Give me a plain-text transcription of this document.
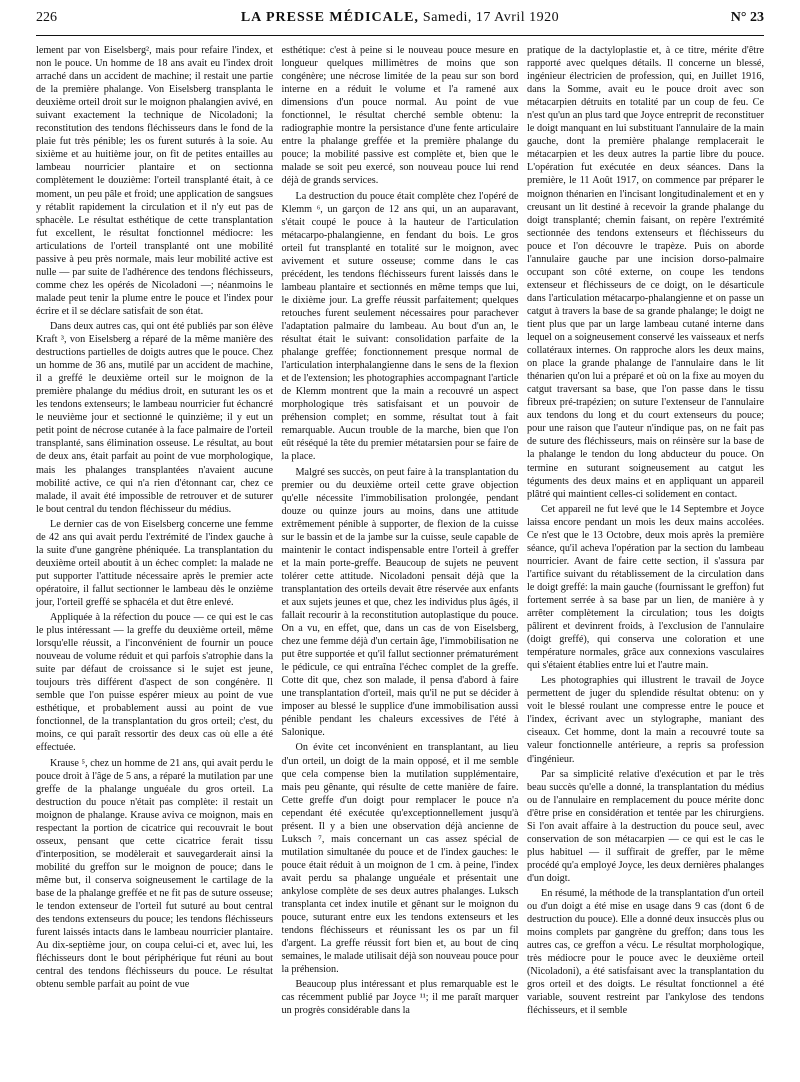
226	LA PRESSE MÉDICALE, Samedi, 17 Avril 1920	N° 23

lement par von Eiselsberg², mais pour refaire l'index, et non le pouce. Un homme de 18 ans avait eu l'index droit arraché dans un accident de machine; il restait une partie de la première phalange. Von Eiselsberg transplanta le deuxième orteil droit sur le moignon phalangien avivé, en suivant exactement la technique de Nicoladoni; la reconstitution des tendons fléchisseurs dans le fond de la plaie fut très pénible; les os furent suturés à la soie. Au sixième et au huitième jour, on fit de petites entailles au lambeau nourricier plantaire et on sectionna complètement le douzième: l'orteil transplanté était, à ce moment, un peu pâle et froid; une application de sangsues y rétablit rapidement la circulation et il n'y eut pas de sphacèle. Le résultat esthétique de cette transplantation fut excellent, le résultat fonctionnel médiocre: les articulations de l'orteil transplanté ont une mobilité passive à peu près normale, mais leur mobilité active est nulle — par suite de l'adhérence des tendons fléchisseurs, comme chez les opérés de Nicoladoni —; néanmoins le malade peut tenir la plume entre le pouce et l'index pour écrire et il se déclare satisfait de son état.

Dans deux autres cas, qui ont été publiés par son élève Kraft ³, von Eiselsberg a réparé de la même manière des destructions partielles de doigts autres que le pouce. Chez un homme de 36 ans, mutilé par un accident de machine, il a greffé le deuxième orteil sur le moignon de la première phalange du médius droit, en suturant les os et les tendons extenseurs; le lambeau nourricier fut échancré le neuvième jour et sectionné le quinzième; il y eut un petit point de nécrose cutanée à la face palmaire de l'orteil transplanté, sans élimination osseuse. Le résultat, au bout de deux ans, était parfait au point de vue morphologique, mais les phalanges transplantées n'avaient aucune mobilité active, ce qui n'a rien d'étonnant car, chez ce malade, il avait été impossible de retrouver et de suturer le bout central du tendon fléchisseur du médius.

Le dernier cas de von Eiselsberg concerne une femme de 42 ans qui avait perdu l'extrémité de l'index gauche à la suite d'une gangrène phéniquée. La transplantation du deuxième orteil aboutit à un échec complet: la malade ne put supporter l'attitude nécessaire après le premier acte opératoire, il fallut sectionner le lambeau dès le onzième jour, l'orteil greffé se sphacéla et dut être enlevé.

Appliquée à la réfection du pouce — ce qui est le cas le plus intéressant — la greffe du deuxième orteil, même lorsqu'elle réussit, a l'inconvénient de fournir un pouce nouveau de volume réduit et qui parfois s'atrophie dans la suite par défaut de croissance si le sujet est jeune, toujours très différent d'aspect de son congénère. Il semble que l'on puisse espérer mieux au point de vue esthétique, et probablement aussi au point de vue fonctionnel, de la transplantation du gros orteil; c'est, du moins, ce qui paraît ressortir des deux cas où elle a été effectuée.

Krause ⁵, chez un homme de 21 ans, qui avait perdu le pouce droit à l'âge de 5 ans, a réparé la mutilation par une greffe de la phalange unguéale du gros orteil. La destruction du pouce n'était pas complète: il restait un moignon de phalange. Krause aviva ce moignon, mais en respectant la portion de cicatrice qui recouvrait le bout osseux, pensant que cette cicatrice ferait tissu d'interposition, se modèlerait et sauvegarderait ainsi la mobilité du greffon sur le moignon de pouce; dans le même but, il conserva soigneusement le cartilage de la base de la phalange greffée et ne fit pas de suture osseuse; le tendon extenseur de l'orteil fut suturé au bout central des tendons extenseurs du pouce; les tendons fléchisseurs furent laissés intacts dans le lambeau nourricier plantaire. Au dix-septième jour, on coupa celui-ci et, avec lui, les fléchisseurs dont le bout périphérique fut réuni au bout central des tendons fléchisseurs du pouce. Le résultat obtenu semble parfait au point de vue

esthétique: c'est à peine si le nouveau pouce mesure en longueur quelques millimètres de moins que son congénère; une nécrose limitée de la peau sur son bord interne en a réduit le volume et l'a ramené aux dimensions d'un pouce normal. Au point de vue fonctionnel, le résultat cherché semble obtenu: la radiographie montre la persistance d'une fente articulaire entre la phalange greffée et la première phalange du pouce; la mobilité passive est complète et, bien que le malade se soit peu exercé, son nouveau pouce lui rend déjà de grands services.

La destruction du pouce était complète chez l'opéré de Klemm ⁶, un garçon de 12 ans qui, un an auparavant, s'était coupé le pouce à la hauteur de l'articulation métacarpo-phalangienne, en fendant du bois. Le gros orteil fut transplanté en totalité sur le moignon, avec avivement et suture osseuse; comme dans le cas précédent, les tendons fléchisseurs furent laissés dans le lambeau plantaire et sectionnés en même temps que lui, le dixième jour. La greffe réussit parfaitement; quelques retouches furent seulement nécessaires pour parachever l'adaptation palmaire du lambeau. Au bout d'un an, le résultat était le suivant: consolidation parfaite de la phalange greffée; fonctionnement presque normal de l'articulation interphalangienne dans le sens de la flexion et de l'extension; les photographies accompagnant l'article de Klemm montrent que la main a recouvré un aspect morphologique très satisfaisant et un pouvoir de préhension complet; en somme, résultat tout à fait remarquable. Aucun trouble de la marche, bien que l'on eût réséqué la tête du premier métatarsien pour se faire de la place.

Malgré ses succès, on peut faire à la transplantation du premier ou du deuxième orteil cette grave objection qu'elle nécessite l'immobilisation prolongée, pendant douze ou quinze jours au moins, dans une attitude extrêmement pénible à supporter, de flexion de la cuisse sur le bassin et de la jambe sur la cuisse, seule capable de maintenir le contact indispensable entre l'orteil à greffer et la main porte-greffe. Beaucoup de sujets ne peuvent tolérer cette attitude. Nicoladoni pensait déjà que la transplantation des orteils devait être réservée aux enfants et aux sujets jeunes et que, chez les individus plus âgés, il fallait recourir à la reconstitution autoplastique du pouce. On a vu, en effet, que, dans un cas de von Eiselsberg, chez une femme déjà d'un certain âge, l'immobilisation ne put être supportée et qu'il fallut sectionner prématurément le pédicule, ce qui entraîna l'échec complet de la greffe. Cotte dit que, chez son malade, il pensa d'abord à faire une transplantation d'orteil, mais qu'il ne put se décider à imposer au blessé le supplice d'une immobilisation aussi pénible pendant les chaleurs excessives de l'été à Salonique.

On évite cet inconvénient en transplantant, au lieu d'un orteil, un doigt de la main opposé, et il me semble que cela compense bien la mutilation supplémentaire, mais peu gênante, qui résulte de cette manière de faire. Cette greffe d'un doigt pour remplacer le pouce n'a cependant été exécutée qu'exceptionnellement jusqu'à présent. Il y a bien une observation déjà ancienne de Luksch ⁷, mais concernant un cas assez spécial de mutilation simultanée du pouce et de l'index gauches: le pouce était réduit à un moignon de 1 cm. à peine, l'index avait perdu sa phalange unguéale et présentait une ankylose complète de ses deux autres phalanges. Luksch transplanta cet index inutile et gênant sur le moignon du pouce, suturant entre eux les tendons extenseurs et les tendons fléchisseurs et réunissant les os par un fil d'argent. La greffe réussit fort bien et, au bout de cinq semaines, le malade utilisait déjà son nouveau pouce pour la préhension.

Beaucoup plus intéressant et plus remarquable est le cas récemment publié par Joyce ¹¹; il me paraît marquer un progrès considérable dans la

pratique de la dactyloplastie et, à ce titre, mérite d'être rapporté avec quelques détails. Il concerne un blessé, ingénieur électricien de profession, qui, en Juillet 1916, dans la Somme, avait eu le pouce droit avec son métacarpien détruits en totalité par un coup de feu. Ce n'est qu'un an plus tard que Joyce entreprit de reconstituer le doigt manquant en lui substituant l'annulaire de la main gauche, dont la première phalange remplacerait le métacarpien et les deux autres la partie libre du pouce. L'opération fut exécutée en deux séances. Dans la première, le 11 Août 1917, on commence par préparer le moignon thénarien en l'incisant longitudinalement et en y creusant un lit destiné à recevoir la grande phalange du doigt transplanté; chemin faisant, on repère l'extrémité sectionnée des tendons extenseurs et fléchisseurs du pouce et l'on découvre le trapèze. Puis on aborde l'annulaire gauche par une incision dorso-palmaire occupant son côté externe, on coupe les tendons extenseur et fléchisseurs de ce doigt, on le désarticule dans l'articulation métacarpo-phalangienne et on passe un catgut à travers la base de sa grande phalange; le doigt ne tient plus que par un large lambeau cutané interne dans lequel on a soigneusement conservé les vaisseaux et nerfs collatéraux internes. On rapproche alors les deux mains, on place la grande phalange de l'annulaire dans le lit thénarien qu'on lui a préparé et où on la fixe au moyen du catgut traversant sa base, que l'on passe dans le tissu fibreux pré-trapézien; on suture l'extenseur de l'annulaire aux tendons du long et du court extenseurs du pouce; pour une raison que l'auteur n'indique pas, on ne fait pas de suture des fléchisseurs, mais on réinsère sur la base de la phalange le tendon du long abducteur du pouce. On termine en suturant soigneusement au catgut les téguments des deux mains et en appliquant un appareil plâtré qui maintient celles-ci solidement en contact.

Cet appareil ne fut levé que le 14 Septembre et Joyce laissa encore pendant un mois les deux mains accolées. Ce n'est que le 13 Octobre, deux mois après la première séance, qu'il acheva l'opération par la section du lambeau nourricier. Avant de faire cette section, il s'assura par l'artifice suivant du rétablissement de la circulation dans le doigt greffé: la main gauche (fournissant le greffon) fut fortement serrée à sa base par un lien, de manière à y arrêter complètement la circulation; tous les doigts pâlirent et devinrent froids, à l'exclusion de l'annulaire (doigt greffé), qui conserva une coloration et une température normales, grâce aux connexions vasculaires qui s'étaient établies entre lui et l'autre main.

Les photographies qui illustrent le travail de Joyce permettent de juger du splendide résultat obtenu: on y voit le blessé roulant une compresse entre le pouce et l'index, écrivant avec un stylographe, maniant des ciseaux. Cet homme, dont la main a recouvré toute sa valeur fonctionnelle antérieure, a repris sa profession d'ingénieur.

Par sa simplicité relative d'exécution et par le très beau succès qu'elle a donné, la transplantation du médius ou de l'annulaire en remplacement du pouce mérite donc d'être prise en considération et tentée par les chirurgiens. Si l'on avait affaire à la destruction du pouce seul, avec conservation de son métacarpien — ce qui est le cas le plus habituel — il suffirait de greffer, par le même procédé qu'a employé Joyce, les deux dernières phalanges d'un doigt.

En résumé, la méthode de la transplantation d'un orteil ou d'un doigt a été mise en usage dans 9 cas (dont 6 de destruction du pouce). Elle a donné deux insuccès plus ou moins complets par gangrène du greffon; dans tous les autres cas, ce greffon a vécu. Le résultat morphologique, très médiocre pour le pouce avec le deuxième orteil (Nicoladoni), a été satisfaisant avec la transplantation du gros orteil et des doigts. Le résultat fonctionnel a été variable, souvent restreint par l'ankylose des tendons fléchisseurs, et il semble
